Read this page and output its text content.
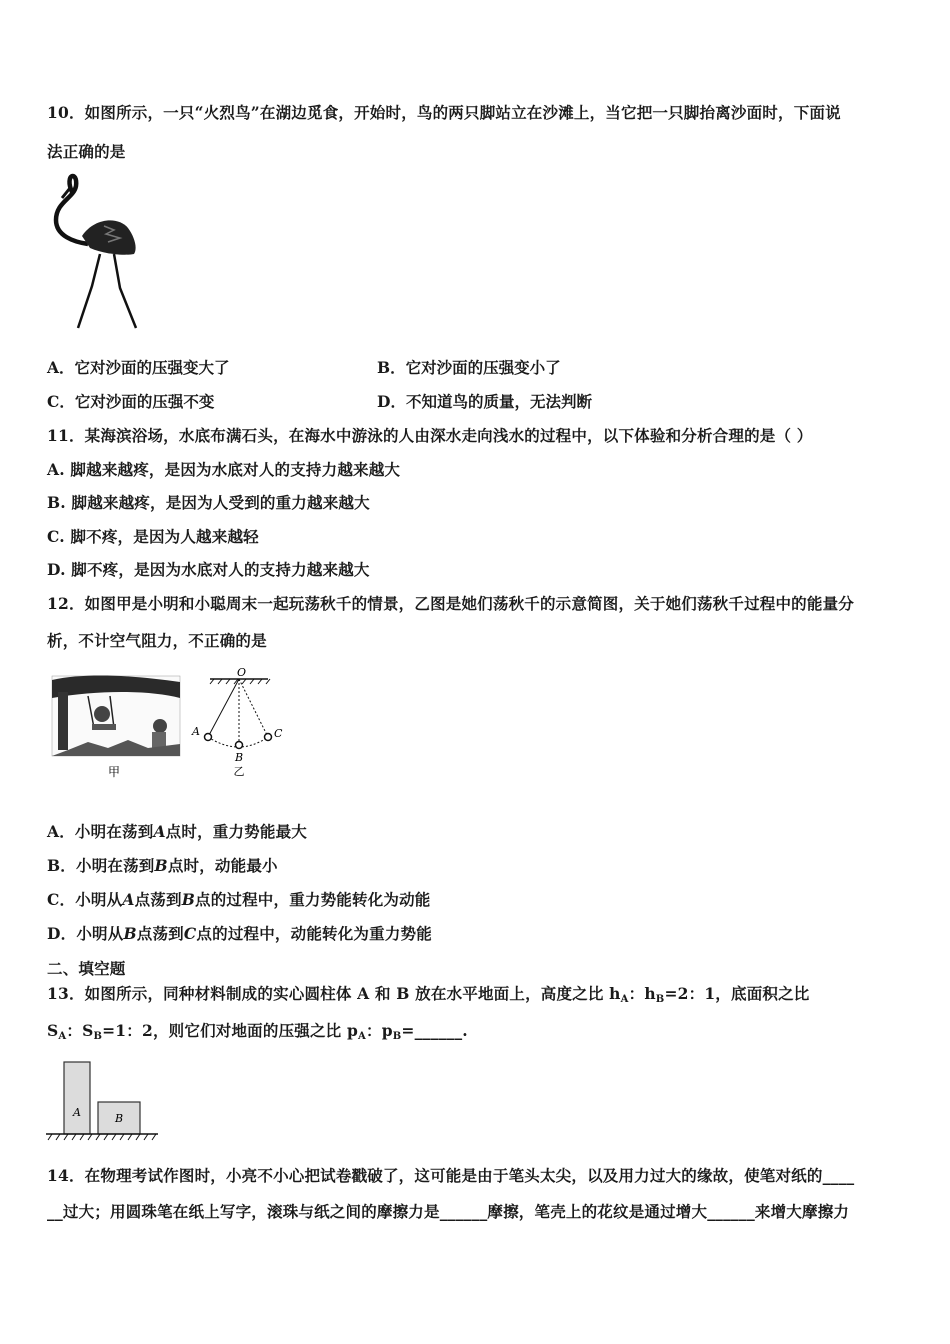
10．如图所示，一只“火烈鸟”在湖边觅食，开始时，鸟的两只脚站立在沙滩上，当它把一只脚抬离沙面时，下面说
法正确的是
A．它对沙面的压强变大了	B．它对沙面的压强变小了
C．它对沙面的压强不变	D．不知道鸟的质量，无法判断
11．某海滨浴场，水底布满石头，在海水中游泳的人由深水走向浅水的过程中，以下体验和分析合理的是（ ）
A. 脚越来越疼，是因为水底对人的支持力越来越大
B. 脚越来越疼，是因为人受到的重力越来越大
C. 脚不疼，是因为人越来越轻
D. 脚不疼，是因为水底对人的支持力越来越大
12．如图甲是小明和小聪周末一起玩荡秋千的情景，乙图是她们荡秋千的示意简图，关于她们荡秋千过程中的能量分
析，不计空气阻力，不正确的是
甲
O
A
B
C
乙
A．小明在荡到A点时，重力势能最大
B．小明在荡到B点时，动能最小
C．小明从A点荡到B点的过程中，重力势能转化为动能
D．小明从B点荡到C点的过程中，动能转化为重力势能
二、填空题
13．如图所示，同种材料制成的实心圆柱体 A 和 B 放在水平地面上，高度之比 $h_A$：$h_B=2$：1，底面积之比
$S_A$：$S_B=1$：2，则它们对地面的压强之比 $p_A$：$p_B=\_\_\_\_\_\_$.
A	B
14．在物理考试作图时，小亮不小心把试卷戳破了，这可能是由于笔头太尖，以及用力过大的缘故，使笔对纸的____
__过大；用圆珠笔在纸上写字，滚珠与纸之间的摩擦力是______摩擦，笔壳上的花纹是通过增大______来增大摩擦力
